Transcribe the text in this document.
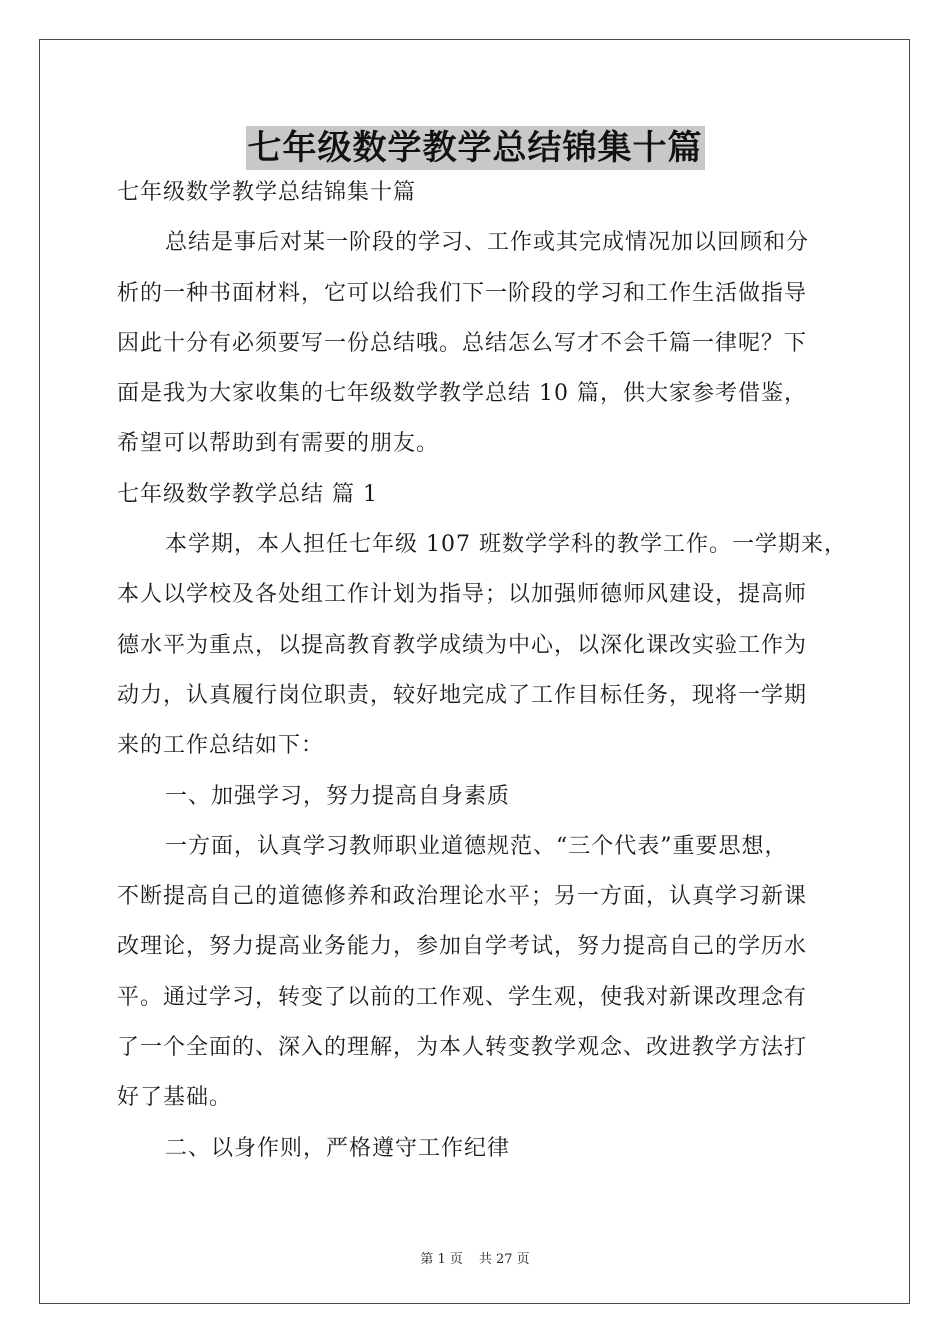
七年级数学教学总结锦集十篇
七年级数学教学总结锦集十篇
总结是事后对某一阶段的学习、工作或其完成情况加以回顾和分
析的一种书面材料，它可以给我们下一阶段的学习和工作生活做指导
因此十分有必须要写一份总结哦。总结怎么写才不会千篇一律呢？下
面是我为大家收集的七年级数学教学总结 10 篇，供大家参考借鉴，
希望可以帮助到有需要的朋友。
七年级数学教学总结 篇 1
本学期，本人担任七年级 107 班数学学科的教学工作。一学期来，
本人以学校及各处组工作计划为指导；以加强师德师风建设，提高师
德水平为重点，以提高教育教学成绩为中心，以深化课改实验工作为
动力，认真履行岗位职责，较好地完成了工作目标任务，现将一学期
来的工作总结如下：
一、加强学习，努力提高自身素质
一方面，认真学习教师职业道德规范、“三个代表”重要思想，
不断提高自己的道德修养和政治理论水平；另一方面，认真学习新课
改理论，努力提高业务能力，参加自学考试，努力提高自己的学历水
平。通过学习，转变了以前的工作观、学生观，使我对新课改理念有
了一个全面的、深入的理解，为本人转变教学观念、改进教学方法打
好了基础。
二、以身作则，严格遵守工作纪律
第 1 页 共 27 页
